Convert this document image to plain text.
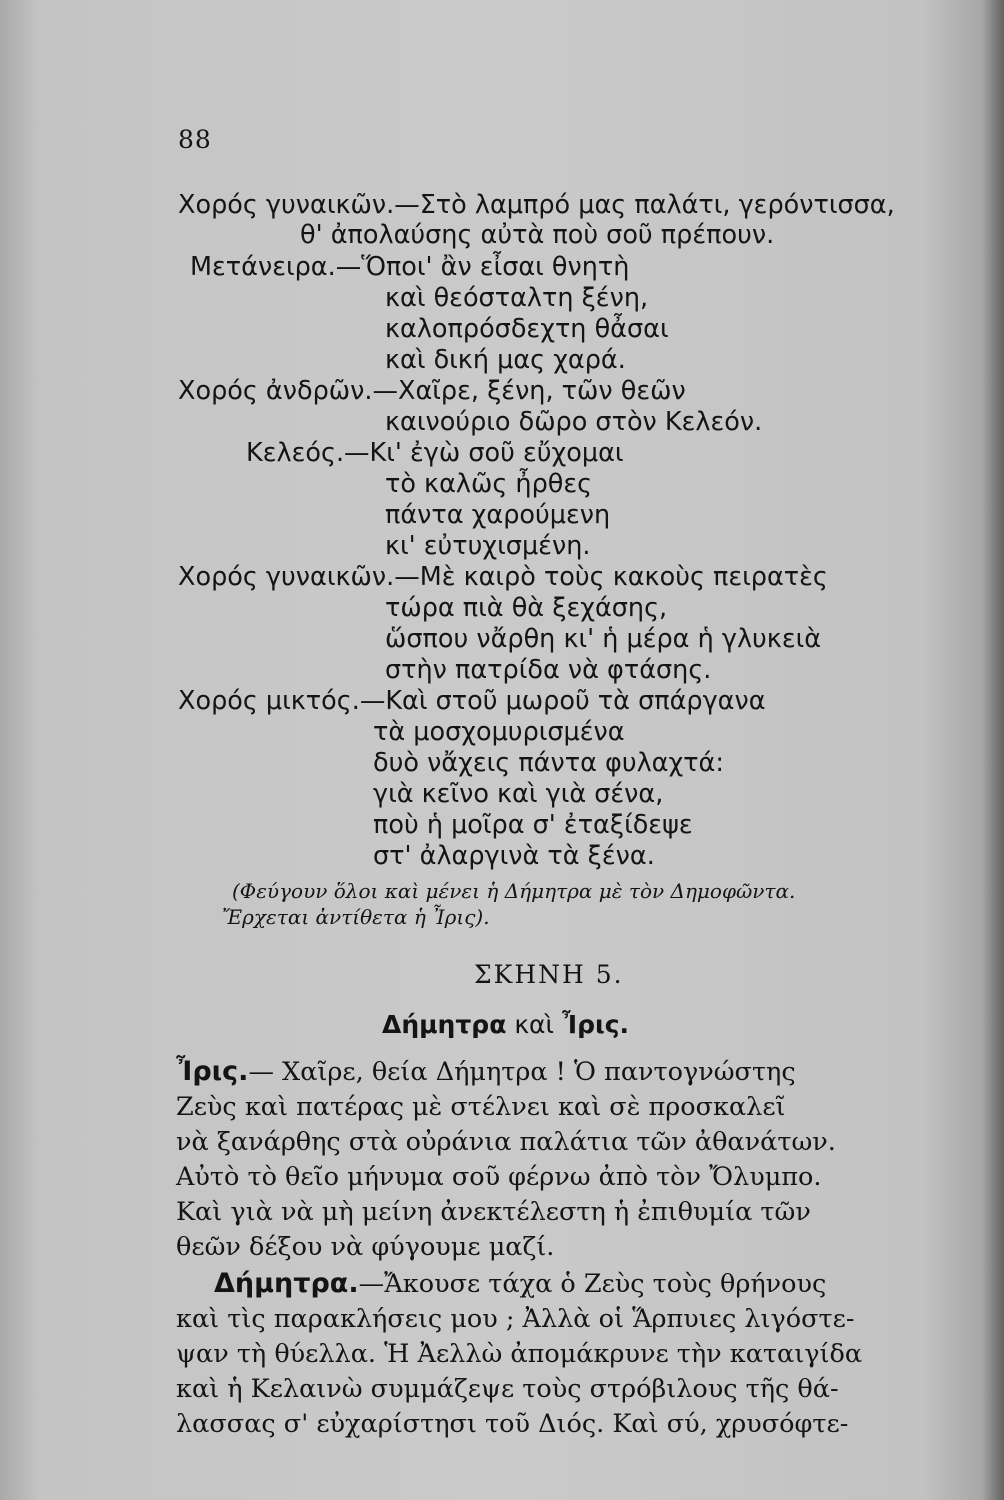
88
Χορός γυναικῶν.—Στὸ λαμπρό μας παλάτι, γερόντισσα,
θ' ἀπολαύσης αὐτὰ ποὺ σοῦ πρέπουν.
Μετάνειρα.—Ὅποι' ἂν εἶσαι θνητὴ
καὶ θεόσταλτη ξένη,
καλοπρόσδεχτη θἆσαι
καὶ δική μας χαρά.
Χορός ἀνδρῶν.—Χαῖρε, ξένη, τῶν θεῶν
καινούριο δῶρο στὸν Κελεόν.
Κελεός.—Κι' ἐγὼ σοῦ εὔχομαι
τὸ καλῶς ἦρθες
πάντα χαρούμενη
κι' εὐτυχισμένη.
Χορός γυναικῶν.—Μὲ καιρὸ τοὺς κακοὺς πειρατὲς
τώρα πιὰ θὰ ξεχάσης,
ὥσπου νἄρθη κι' ἡ μέρα ἡ γλυκειὰ
στὴν πατρίδα νὰ φτάσης.
Χορός μικτός.—Καὶ στοῦ μωροῦ τὰ σπάργανα
τὰ μοσχομυρισμένα
δυὸ νἄχεις πάντα φυλαχτά:
γιὰ κεῖνο καὶ γιὰ σένα,
ποὺ ἡ μοῖρα σ' ἐταξίδεψε
στ' ἀλαργινὰ τὰ ξένα.
(Φεύγουν ὅλοι καὶ μένει ἡ Δήμητρα μὲ τὸν Δημοφῶντα.
Ἔρχεται ἀντίθετα ἡ Ἶρις).
ΣΚΗΝΗ 5.
Δήμητρα καὶ Ἶρις.
Ἶρις.— Χαῖρε, θεία Δήμητρα ! Ὁ παντογνώστης
Ζεὺς καὶ πατέρας μὲ στέλνει καὶ σὲ προσκαλεῖ
νὰ ξανάρθης στὰ οὐράνια παλάτια τῶν ἀθανάτων.
Αὐτὸ τὸ θεῖο μήνυμα σοῦ φέρνω ἀπὸ τὸν Ὄλυμπο.
Καὶ γιὰ νὰ μὴ μείνη ἀνεκτέλεστη ἡ ἐπιθυμία τῶν
θεῶν δέξου νὰ φύγουμε μαζί.
Δήμητρα.—Ἄκουσε τάχα ὁ Ζεὺς τοὺς θρήνους
καὶ τὶς παρακλήσεις μου ; Ἀλλὰ οἱ Ἅρπυιες λιγόστε-
ψαν τὴ θύελλα. Ἡ Ἀελλὼ ἀπομάκρυνε τὴν καταιγίδα
καὶ ἡ Κελαινὼ συμμάζεψε τοὺς στρόβιλους τῆς θά-
λασσας σ' εὐχαρίστησι τοῦ Διός. Καὶ σύ, χρυσόφτε-
